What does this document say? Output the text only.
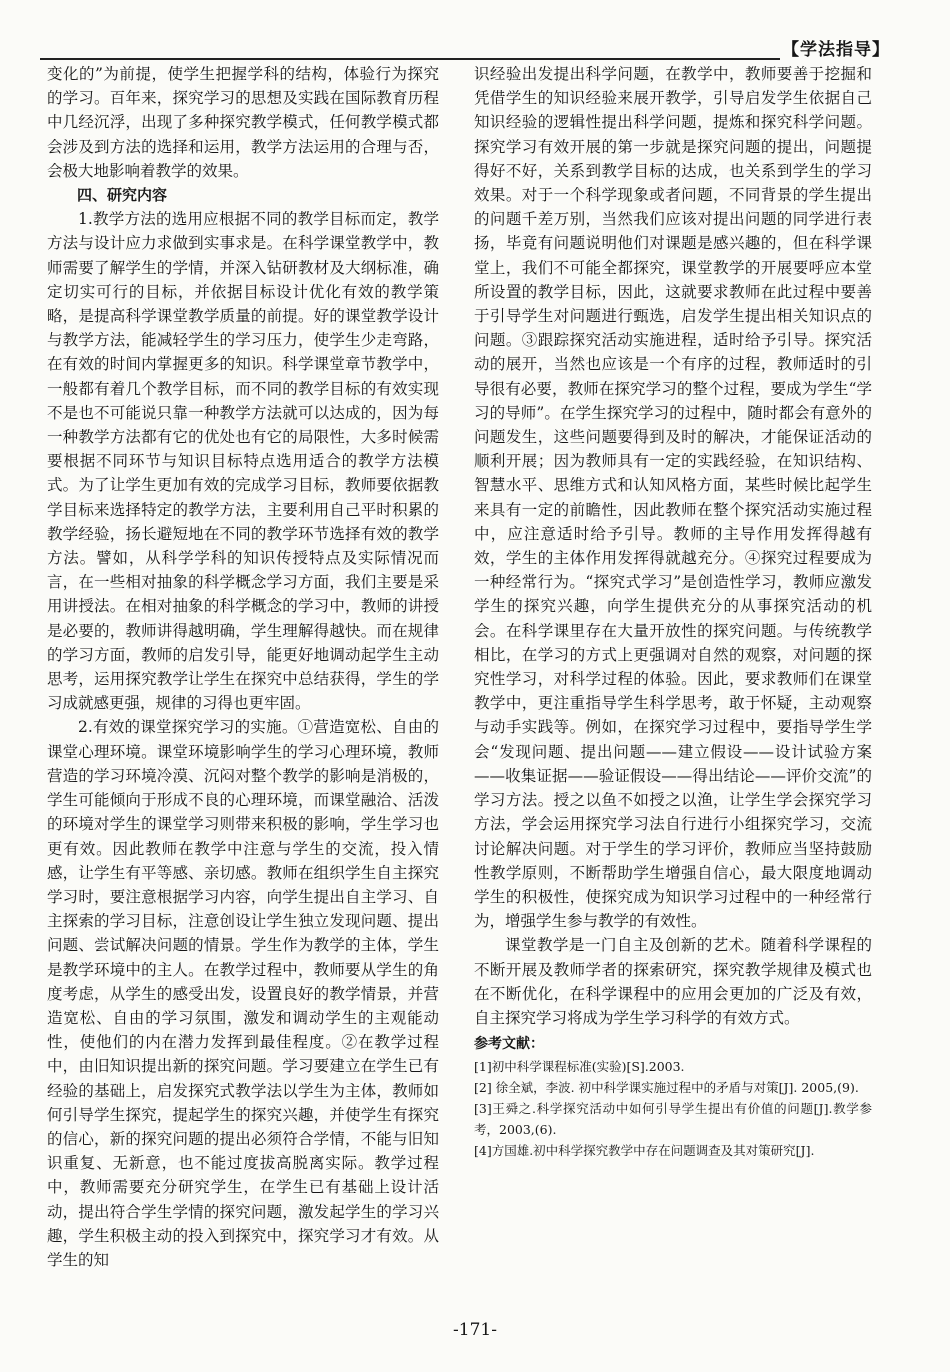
【学法指导】

变化的”为前提，使学生把握学科的结构，体验行为探究的学习。百年来，探究学习的思想及实践在国际教育历程中几经沉浮，出现了多种探究教学模式，任何教学模式都会涉及到方法的选择和运用，教学方法运用的合理与否，会极大地影响着教学的效果。

四、研究内容

1.教学方法的选用应根据不同的教学目标而定，教学方法与设计应力求做到实事求是。在科学课堂教学中，教师需要了解学生的学情，并深入钻研教材及大纲标准，确定切实可行的目标，并依据目标设计优化有效的教学策略，是提高科学课堂教学质量的前提。好的课堂教学设计与教学方法，能减轻学生的学习压力，使学生少走弯路，在有效的时间内掌握更多的知识。科学课堂章节教学中，一般都有着几个教学目标，而不同的教学目标的有效实现不是也不可能说只靠一种教学方法就可以达成的，因为每一种教学方法都有它的优处也有它的局限性，大多时候需要根据不同环节与知识目标特点选用适合的教学方法模式。为了让学生更加有效的完成学习目标，教师要依据教学目标来选择特定的教学方法，主要利用自己平时积累的教学经验，扬长避短地在不同的教学环节选择有效的教学方法。譬如，从科学学科的知识传授特点及实际情况而言，在一些相对抽象的科学概念学习方面，我们主要是采用讲授法。在相对抽象的科学概念的学习中，教师的讲授是必要的，教师讲得越明确，学生理解得越快。而在规律的学习方面，教师的启发引导，能更好地调动起学生主动思考，运用探究教学让学生在探究中总结获得，学生的学习成就感更强，规律的习得也更牢固。

2.有效的课堂探究学习的实施。①营造宽松、自由的课堂心理环境。课堂环境影响学生的学习心理环境，教师营造的学习环境冷漠、沉闷对整个教学的影响是消极的，学生可能倾向于形成不良的心理环境，而课堂融洽、活泼的环境对学生的课堂学习则带来积极的影响，学生学习也更有效。因此教师在教学中注意与学生的交流，投入情感，让学生有平等感、亲切感。教师在组织学生自主探究学习时，要注意根据学习内容，向学生提出自主学习、自主探索的学习目标，注意创设让学生独立发现问题、提出问题、尝试解决问题的情景。学生作为教学的主体，学生是教学环境中的主人。在教学过程中，教师要从学生的角度考虑，从学生的感受出发，设置良好的教学情景，并营造宽松、自由的学习氛围，激发和调动学生的主观能动性，使他们的内在潜力发挥到最佳程度。②在教学过程中，由旧知识提出新的探究问题。学习要建立在学生已有经验的基础上，启发探究式教学法以学生为主体，教师如何引导学生探究，提起学生的探究兴趣，并使学生有探究的信心，新的探究问题的提出必须符合学情，不能与旧知识重复、无新意，也不能过度拔高脱离实际。教学过程中，教师需要充分研究学生，在学生已有基础上设计活动，提出符合学生学情的探究问题，激发起学生的学习兴趣，学生积极主动的投入到探究中，探究学习才有效。从学生的知

识经验出发提出科学问题，在教学中，教师要善于挖掘和凭借学生的知识经验来展开教学，引导启发学生依据自己知识经验的逻辑性提出科学问题，提炼和探究科学问题。探究学习有效开展的第一步就是探究问题的提出，问题提得好不好，关系到教学目标的达成，也关系到学生的学习效果。对于一个科学现象或者问题，不同背景的学生提出的问题千差万别，当然我们应该对提出问题的同学进行表扬，毕竟有问题说明他们对课题是感兴趣的，但在科学课堂上，我们不可能全都探究，课堂教学的开展要呼应本堂所设置的教学目标，因此，这就要求教师在此过程中要善于引导学生对问题进行甄选，启发学生提出相关知识点的问题。③跟踪探究活动实施进程，适时给予引导。探究活动的展开，当然也应该是一个有序的过程，教师适时的引导很有必要，教师在探究学习的整个过程，要成为学生“学习的导师”。在学生探究学习的过程中，随时都会有意外的问题发生，这些问题要得到及时的解决，才能保证活动的顺利开展；因为教师具有一定的实践经验，在知识结构、智慧水平、思维方式和认知风格方面，某些时候比起学生来具有一定的前瞻性，因此教师在整个探究活动实施过程中，应注意适时给予引导。教师的主导作用发挥得越有效，学生的主体作用发挥得就越充分。④探究过程要成为一种经常行为。“探究式学习”是创造性学习，教师应激发学生的探究兴趣，向学生提供充分的从事探究活动的机会。在科学课里存在大量开放性的探究问题。与传统教学相比，在学习的方式上更强调对自然的观察，对问题的探究性学习，对科学过程的体验。因此，要求教师们在课堂教学中，更注重指导学生科学思考，敢于怀疑，主动观察与动手实践等。例如，在探究学习过程中，要指导学生学会“发现问题、提出问题——建立假设——设计试验方案——收集证据——验证假设——得出结论——评价交流”的学习方法。授之以鱼不如授之以渔，让学生学会探究学习方法，学会运用探究学习法自行进行小组探究学习，交流讨论解决问题。对于学生的学习评价，教师应当坚持鼓励性教学原则，不断帮助学生增强自信心，最大限度地调动学生的积极性，使探究成为知识学习过程中的一种经常行为，增强学生参与教学的有效性。

课堂教学是一门自主及创新的艺术。随着科学课程的不断开展及教师学者的探索研究，探究教学规律及模式也在不断优化，在科学课程中的应用会更加的广泛及有效，自主探究学习将成为学生学习科学的有效方式。

参考文献：
[1]初中科学课程标准(实验)[S].2003.
[2] 徐全斌，李波. 初中科学课实施过程中的矛盾与对策[J]. 2005,(9).
[3]王舜之.科学探究活动中如何引导学生提出有价值的问题[J].教学参考，2003,(6).
[4]方国雄.初中科学探究教学中存在问题调查及其对策研究[J].
-171-
